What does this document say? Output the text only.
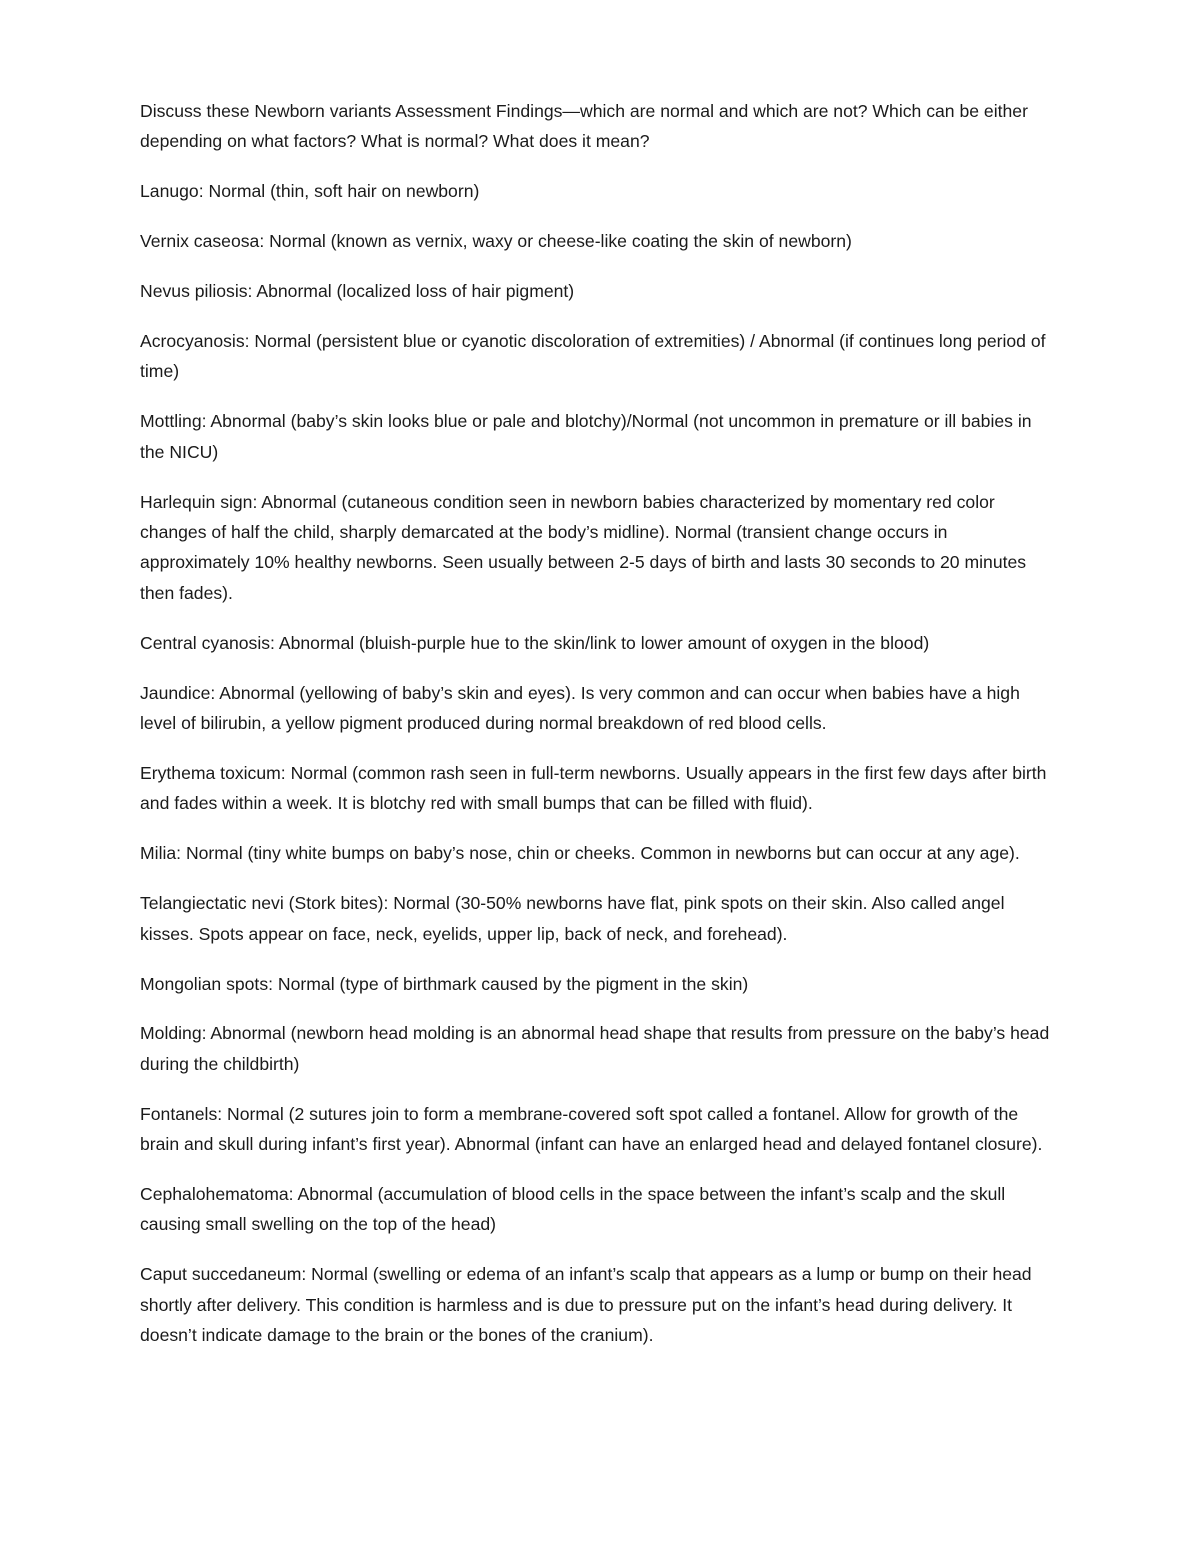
Discuss these Newborn variants Assessment Findings—which are normal and which are not? Which can be either depending on what factors? What is normal? What does it mean?

Lanugo: Normal (thin, soft hair on newborn)

Vernix caseosa: Normal (known as vernix, waxy or cheese-like coating the skin of newborn)

Nevus piliosis: Abnormal (localized loss of hair pigment)

Acrocyanosis: Normal (persistent blue or cyanotic discoloration of extremities) / Abnormal (if continues long period of time)

Mottling: Abnormal (baby’s skin looks blue or pale and blotchy)/Normal (not uncommon in premature or ill babies in the NICU)

Harlequin sign: Abnormal (cutaneous condition seen in newborn babies characterized by momentary red color changes of half the child, sharply demarcated at the body’s midline). Normal (transient change occurs in approximately 10% healthy newborns. Seen usually between 2-5 days of birth and lasts 30 seconds to 20 minutes then fades).

Central cyanosis: Abnormal (bluish-purple hue to the skin/link to lower amount of oxygen in the blood)

Jaundice: Abnormal (yellowing of baby’s skin and eyes). Is very common and can occur when babies have a high level of bilirubin, a yellow pigment produced during normal breakdown of red blood cells.

Erythema toxicum: Normal (common rash seen in full-term newborns. Usually appears in the first few days after birth and fades within a week. It is blotchy red with small bumps that can be filled with fluid).

Milia: Normal (tiny white bumps on baby’s nose, chin or cheeks. Common in newborns but can occur at any age).

Telangiectatic nevi (Stork bites): Normal (30-50% newborns have flat, pink spots on their skin. Also called angel kisses. Spots appear on face, neck, eyelids, upper lip, back of neck, and forehead).

Mongolian spots: Normal (type of birthmark caused by the pigment in the skin)

Molding: Abnormal (newborn head molding is an abnormal head shape that results from pressure on the baby’s head during the childbirth)

Fontanels: Normal (2 sutures join to form a membrane-covered soft spot called a fontanel. Allow for growth of the brain and skull during infant’s first year). Abnormal (infant can have an enlarged head and delayed fontanel closure).

Cephalohematoma: Abnormal (accumulation of blood cells in the space between the infant’s scalp and the skull causing small swelling on the top of the head)

Caput succedaneum: Normal (swelling or edema of an infant’s scalp that appears as a lump or bump on their head shortly after delivery. This condition is harmless and is due to pressure put on the infant’s head during delivery. It doesn’t indicate damage to the brain or the bones of the cranium).
